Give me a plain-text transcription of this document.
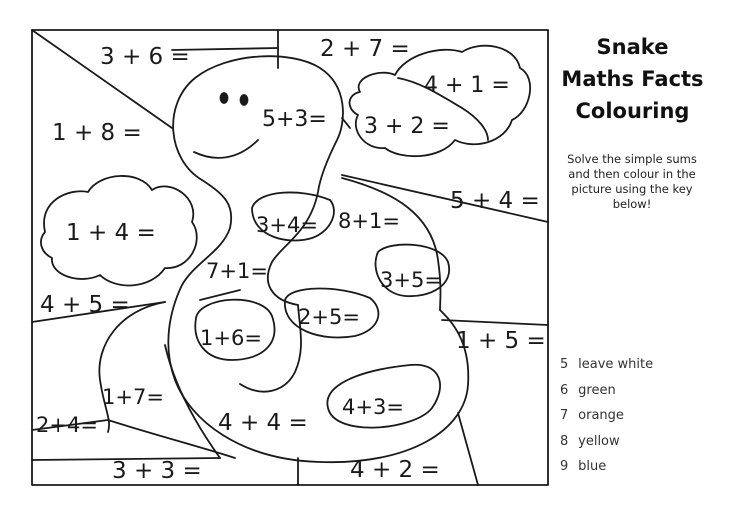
3 + 6 =	2 + 7 =
1 + 8 =
5+3=
4 + 1 =
3 + 2 =
1 + 4 =
5 + 4 =
3+4= 8+1=
7+1=	3+5=
4 + 5 =	2+5=
1+6=	1 + 5 =
1+7=	4+3=
2+4=	4 + 4 =
3 + 3 =	4 + 2 =
Snake
Maths Facts
Colouring
Solve the simple sums and then colour in the picture using the key below!
5 leave white
6 green
7 orange
8 yellow
9 blue
